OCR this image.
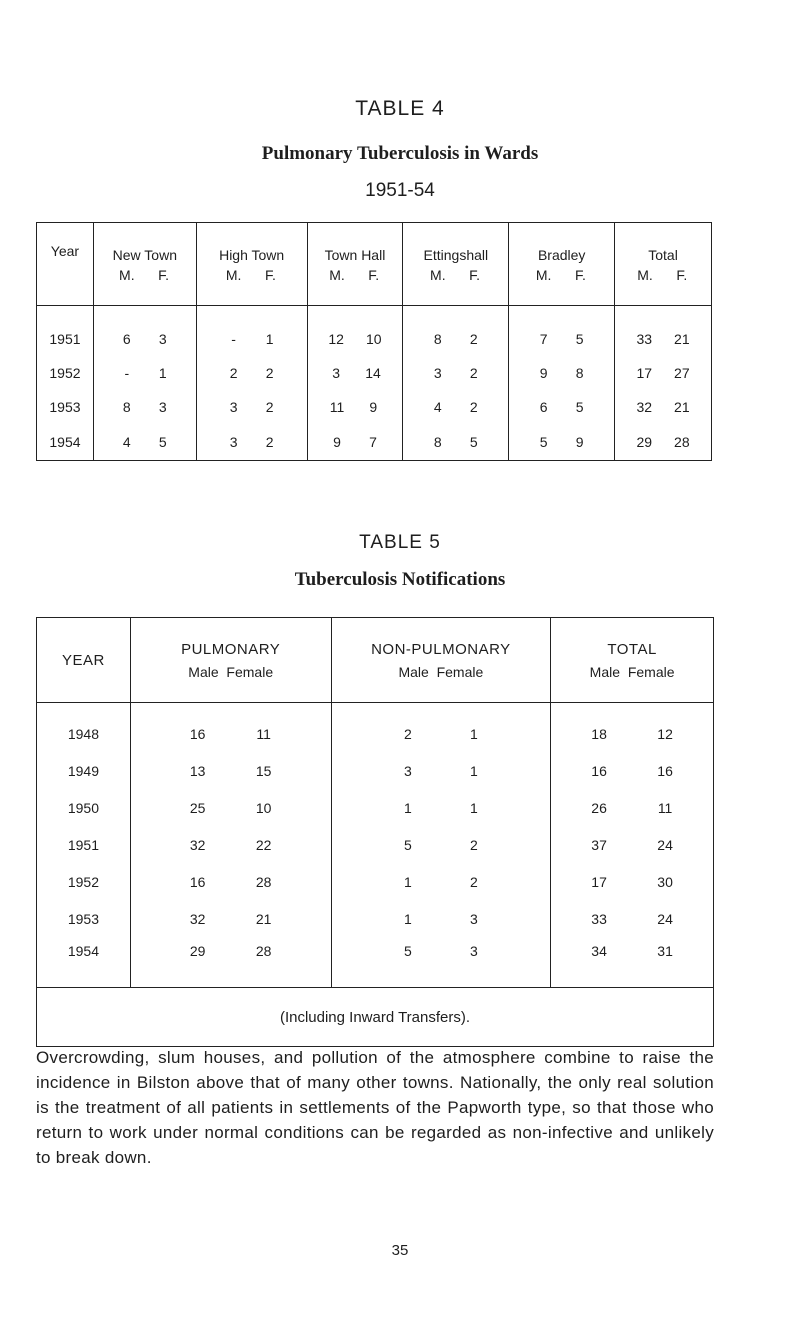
TABLE 4
Pulmonary Tuberculosis in Wards
1951-54
Year	New Town	High Town	Town Hall	Ettingshall	Bradley	Total

	M. F.	M. F.	M. F.	M. F.	M. F.	M. F.

1951	6 3	- 1	12 10	8 2	7 5	33 21

1952	- 1	2 2	3 14	3 2	9 8	17 27

1953	8 3	3 2	11 9	4 2	6 5	32 21

1954	4 5	3 2	9 7	8 5	5 9	29 28
TABLE 5
Tuberculosis Notifications
YEAR	PULMONARY	NON-PULMONARY	TOTAL
	Male Female	Male Female	Male Female
1948	16 11	2 1	18 12

1949	13 15	3 1	16 16

1950	25 10	1 1	26 11

1951	32 22	5 2	37 24

1952	16 28	1 2	17 30

1953	32 21	1 3	33 24

1954	29 28	5 3	34 31

(Including Inward Transfers).			
Overcrowding, slum houses, and pollution of the atmosphere combine to raise the incidence in Bilston above that of many other towns. Nationally, the only real solution is the treatment of all patients in settlements of the Papworth type, so that those who return to work under normal conditions can be regarded as non-infective and unlikely to break down.
35
